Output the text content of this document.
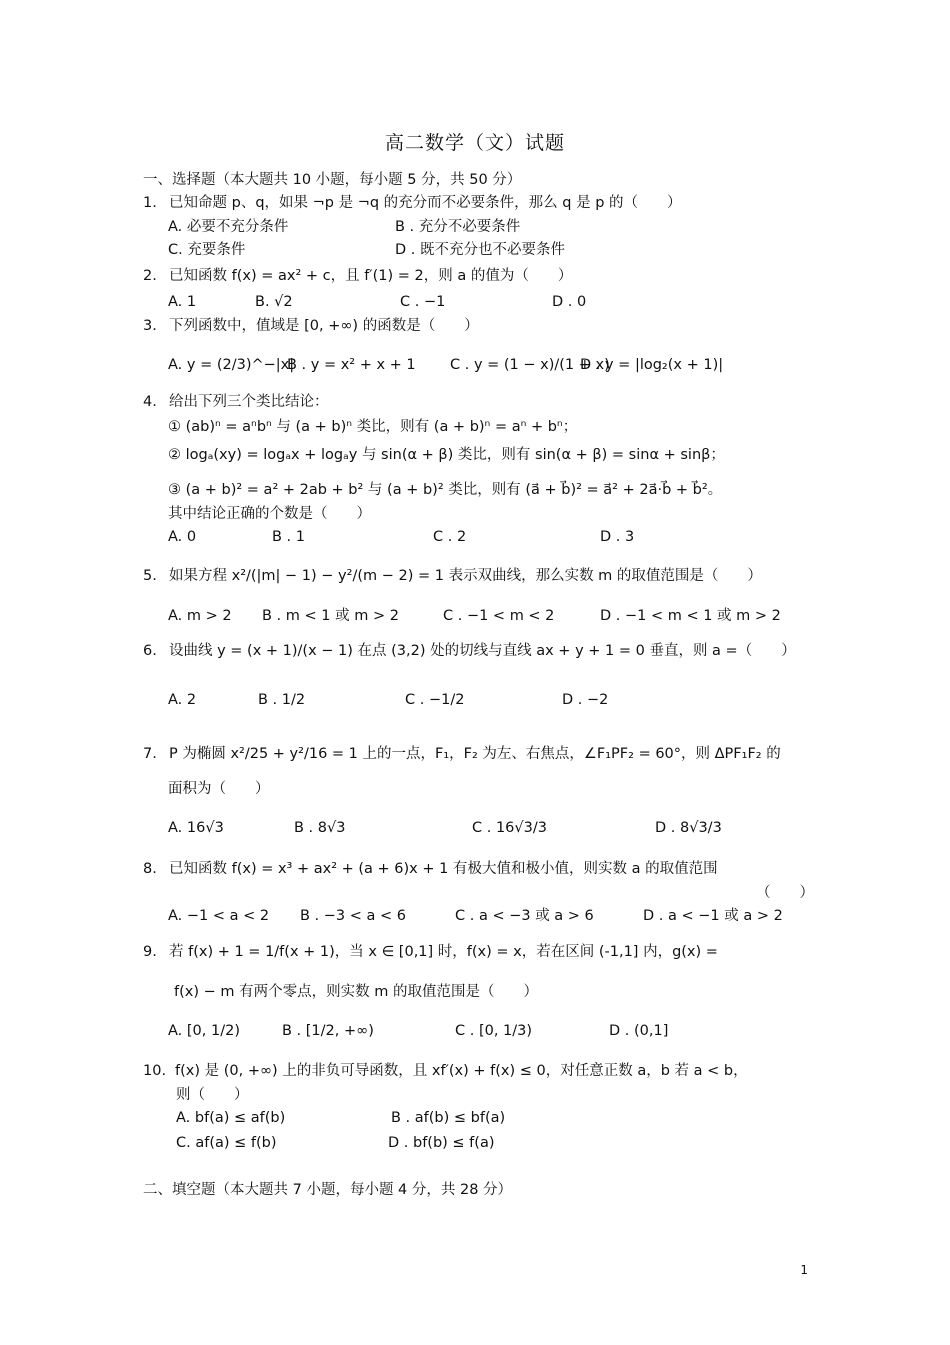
高二数学（文）试题
一、选择题（本大题共 10 小题，每小题 5 分，共 50 分）
1. 已知命题 p、q，如果 ¬p 是 ¬q 的充分而不必要条件，那么 q 是 p 的（　　）
A. 必要不充分条件	B . 充分不必要条件
C. 充要条件	D . 既不充分也不必要条件
2. 已知函数 f(x) = ax² + c，且 f′(1) = 2，则 a 的值为（　　）
A. 1	B. √2	C . −1	D . 0
3. 下列函数中，值域是 [0, +∞) 的函数是（　　）
A. y = (2/3)^−|x|
B . y = x² + x + 1 C . y = (1 − x)/(1 + x)
D . y = |log₂(x + 1)|
4. 给出下列三个类比结论：
① (ab)ⁿ = aⁿbⁿ 与 (a + b)ⁿ 类比，则有 (a + b)ⁿ = aⁿ + bⁿ；
② logₐ(xy) = logₐx + logₐy 与 sin(α + β) 类比，则有 sin(α + β) = sinα + sinβ；
③ (a + b)² = a² + 2ab + b² 与 (a + b)² 类比，则有 (a⃗ + b⃗)² = a⃗² + 2a⃗·b⃗ + b⃗²。
其中结论正确的个数是（　　）
A. 0	B . 1	C . 2	D . 3
5. 如果方程 x²/(|m| − 1) − y²/(m − 2) = 1 表示双曲线，那么实数 m 的取值范围是（　　）
A. m > 2 B . m < 1 或 m > 2	C . −1 < m < 2	D . −1 < m < 1 或 m > 2
6. 设曲线 y = (x + 1)/(x − 1) 在点 (3,2) 处的切线与直线 ax + y + 1 = 0 垂直，则 a =（　　）
A. 2	B . 1/2	C . −1/2	D . −2
7. P 为椭圆 x²/25 + y²/16 = 1 上的一点，F₁，F₂ 为左、右焦点，∠F₁PF₂ = 60°，则 ΔPF₁F₂ 的
面积为（　　）
A. 16√3	B . 8√3	C . 16√3/3	D . 8√3/3
8. 已知函数 f(x) = x³ + ax² + (a + 6)x + 1 有极大值和极小值，则实数 a 的取值范围
（　　）
A. −1 < a < 2 B . −3 < a < 6	C . a < −3 或 a > 6	D . a < −1 或 a > 2
9. 若 f(x) + 1 = 1/f(x + 1)，当 x ∈ [0,1] 时，f(x) = x，若在区间 (-1,1] 内，g(x) =
f(x) − m 有两个零点，则实数 m 的取值范围是（　　）
A. [0, 1/2)	B . [1/2, +∞)	C . [0, 1/3)	D . (0,1]
10. f(x) 是 (0, +∞) 上的非负可导函数，且 xf′(x) + f(x) ≤ 0，对任意正数 a，b 若 a < b，
则（　　）
A. bf(a) ≤ af(b)	B . af(b) ≤ bf(a)
C. af(a) ≤ f(b)	D . bf(b) ≤ f(a)
二、填空题（本大题共 7 小题，每小题 4 分，共 28 分）
1
